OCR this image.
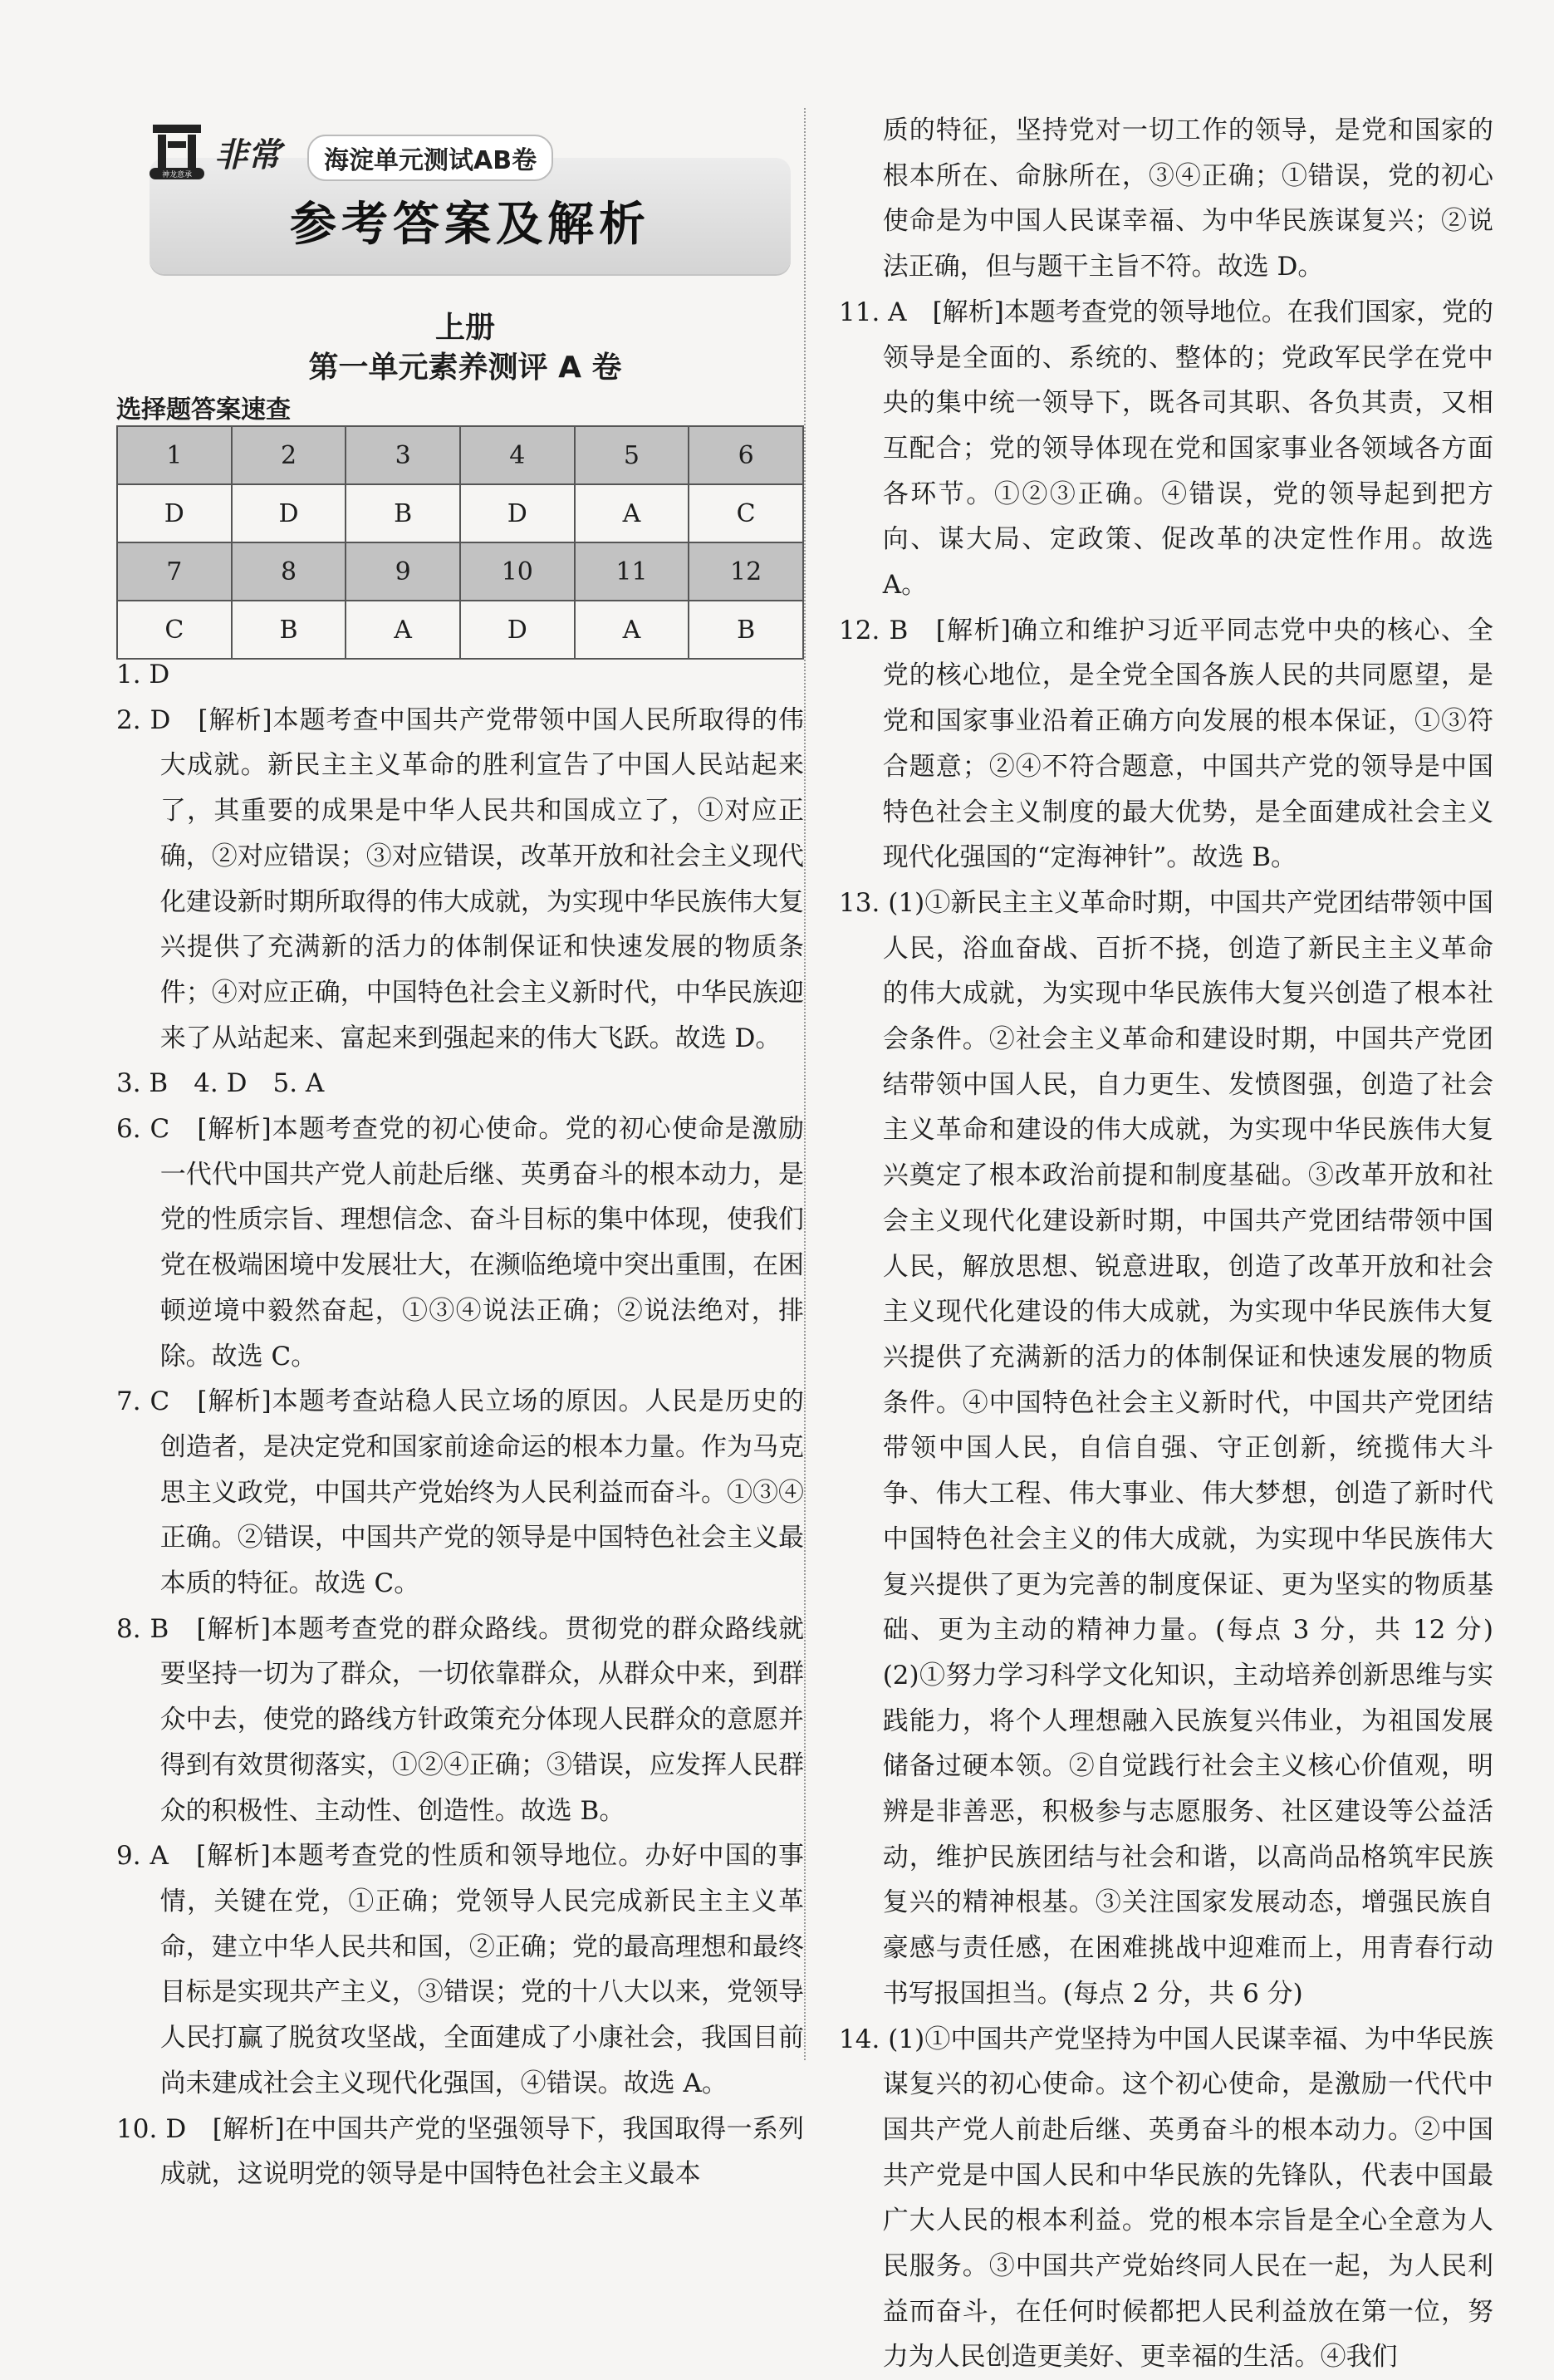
神龙意承
非常	海淀单元测试AB卷
参考答案及解析
上册
第一单元素养测评 A 卷
选择题答案速查
1	2	3	4	5	6
D	D	B	D	A	C
7	8	9	10	11	12
C	B	A	D	A	B

1. D

2. D　[解析]本题考查中国共产党带领中国人民所取得的伟大成就。新民主主义革命的胜利宣告了中国人民站起来了，其重要的成果是中华人民共和国成立了，①对应正确，②对应错误；③对应错误，改革开放和社会主义现代化建设新时期所取得的伟大成就，为实现中华民族伟大复兴提供了充满新的活力的体制保证和快速发展的物质条件；④对应正确，中国特色社会主义新时代，中华民族迎来了从站起来、富起来到强起来的伟大飞跃。故选 D。

3. B　4. D　5. A

6. C　[解析]本题考查党的初心使命。党的初心使命是激励一代代中国共产党人前赴后继、英勇奋斗的根本动力，是党的性质宗旨、理想信念、奋斗目标的集中体现，使我们党在极端困境中发展壮大，在濒临绝境中突出重围，在困顿逆境中毅然奋起，①③④说法正确；②说法绝对，排除。故选 C。

7. C　[解析]本题考查站稳人民立场的原因。人民是历史的创造者，是决定党和国家前途命运的根本力量。作为马克思主义政党，中国共产党始终为人民利益而奋斗。①③④正确。②错误，中国共产党的领导是中国特色社会主义最本质的特征。故选 C。

8. B　[解析]本题考查党的群众路线。贯彻党的群众路线就要坚持一切为了群众，一切依靠群众，从群众中来，到群众中去，使党的路线方针政策充分体现人民群众的意愿并得到有效贯彻落实，①②④正确；③错误，应发挥人民群众的积极性、主动性、创造性。故选 B。

9. A　[解析]本题考查党的性质和领导地位。办好中国的事情，关键在党，①正确；党领导人民完成新民主主义革命，建立中华人民共和国，②正确；党的最高理想和最终目标是实现共产主义，③错误；党的十八大以来，党领导人民打赢了脱贫攻坚战，全面建成了小康社会，我国目前尚未建成社会主义现代化强国，④错误。故选 A。

10. D　[解析]在中国共产党的坚强领导下，我国取得一系列成就，这说明党的领导是中国特色社会主义最本

质的特征，坚持党对一切工作的领导，是党和国家的根本所在、命脉所在，③④正确；①错误，党的初心使命是为中国人民谋幸福、为中华民族谋复兴；②说法正确，但与题干主旨不符。故选 D。

11. A　[解析]本题考查党的领导地位。在我们国家，党的领导是全面的、系统的、整体的；党政军民学在党中央的集中统一领导下，既各司其职、各负其责，又相互配合；党的领导体现在党和国家事业各领域各方面各环节。①②③正确。④错误，党的领导起到把方向、谋大局、定政策、促改革的决定性作用。故选 A。

12. B　[解析]确立和维护习近平同志党中央的核心、全党的核心地位，是全党全国各族人民的共同愿望，是党和国家事业沿着正确方向发展的根本保证，①③符合题意；②④不符合题意，中国共产党的领导是中国特色社会主义制度的最大优势，是全面建成社会主义现代化强国的“定海神针”。故选 B。

13. (1)①新民主主义革命时期，中国共产党团结带领中国人民，浴血奋战、百折不挠，创造了新民主主义革命的伟大成就，为实现中华民族伟大复兴创造了根本社会条件。②社会主义革命和建设时期，中国共产党团结带领中国人民，自力更生、发愤图强，创造了社会主义革命和建设的伟大成就，为实现中华民族伟大复兴奠定了根本政治前提和制度基础。③改革开放和社会主义现代化建设新时期，中国共产党团结带领中国人民，解放思想、锐意进取，创造了改革开放和社会主义现代化建设的伟大成就，为实现中华民族伟大复兴提供了充满新的活力的体制保证和快速发展的物质条件。④中国特色社会主义新时代，中国共产党团结带领中国人民，自信自强、守正创新，统揽伟大斗争、伟大工程、伟大事业、伟大梦想，创造了新时代中国特色社会主义的伟大成就，为实现中华民族伟大复兴提供了更为完善的制度保证、更为坚实的物质基础、更为主动的精神力量。(每点 3 分，共 12 分)　(2)①努力学习科学文化知识，主动培养创新思维与实践能力，将个人理想融入民族复兴伟业，为祖国发展储备过硬本领。②自觉践行社会主义核心价值观，明辨是非善恶，积极参与志愿服务、社区建设等公益活动，维护民族团结与社会和谐，以高尚品格筑牢民族复兴的精神根基。③关注国家发展动态，增强民族自豪感与责任感，在困难挑战中迎难而上，用青春行动书写报国担当。(每点 2 分，共 6 分)

14. (1)①中国共产党坚持为中国人民谋幸福、为中华民族谋复兴的初心使命。这个初心使命，是激励一代代中国共产党人前赴后继、英勇奋斗的根本动力。②中国共产党是中国人民和中华民族的先锋队，代表中国最广大人民的根本利益。党的根本宗旨是全心全意为人民服务。③中国共产党始终同人民在一起，为人民利益而奋斗，在任何时候都把人民利益放在第一位，努力为人民创造更美好、更幸福的生活。④我们
